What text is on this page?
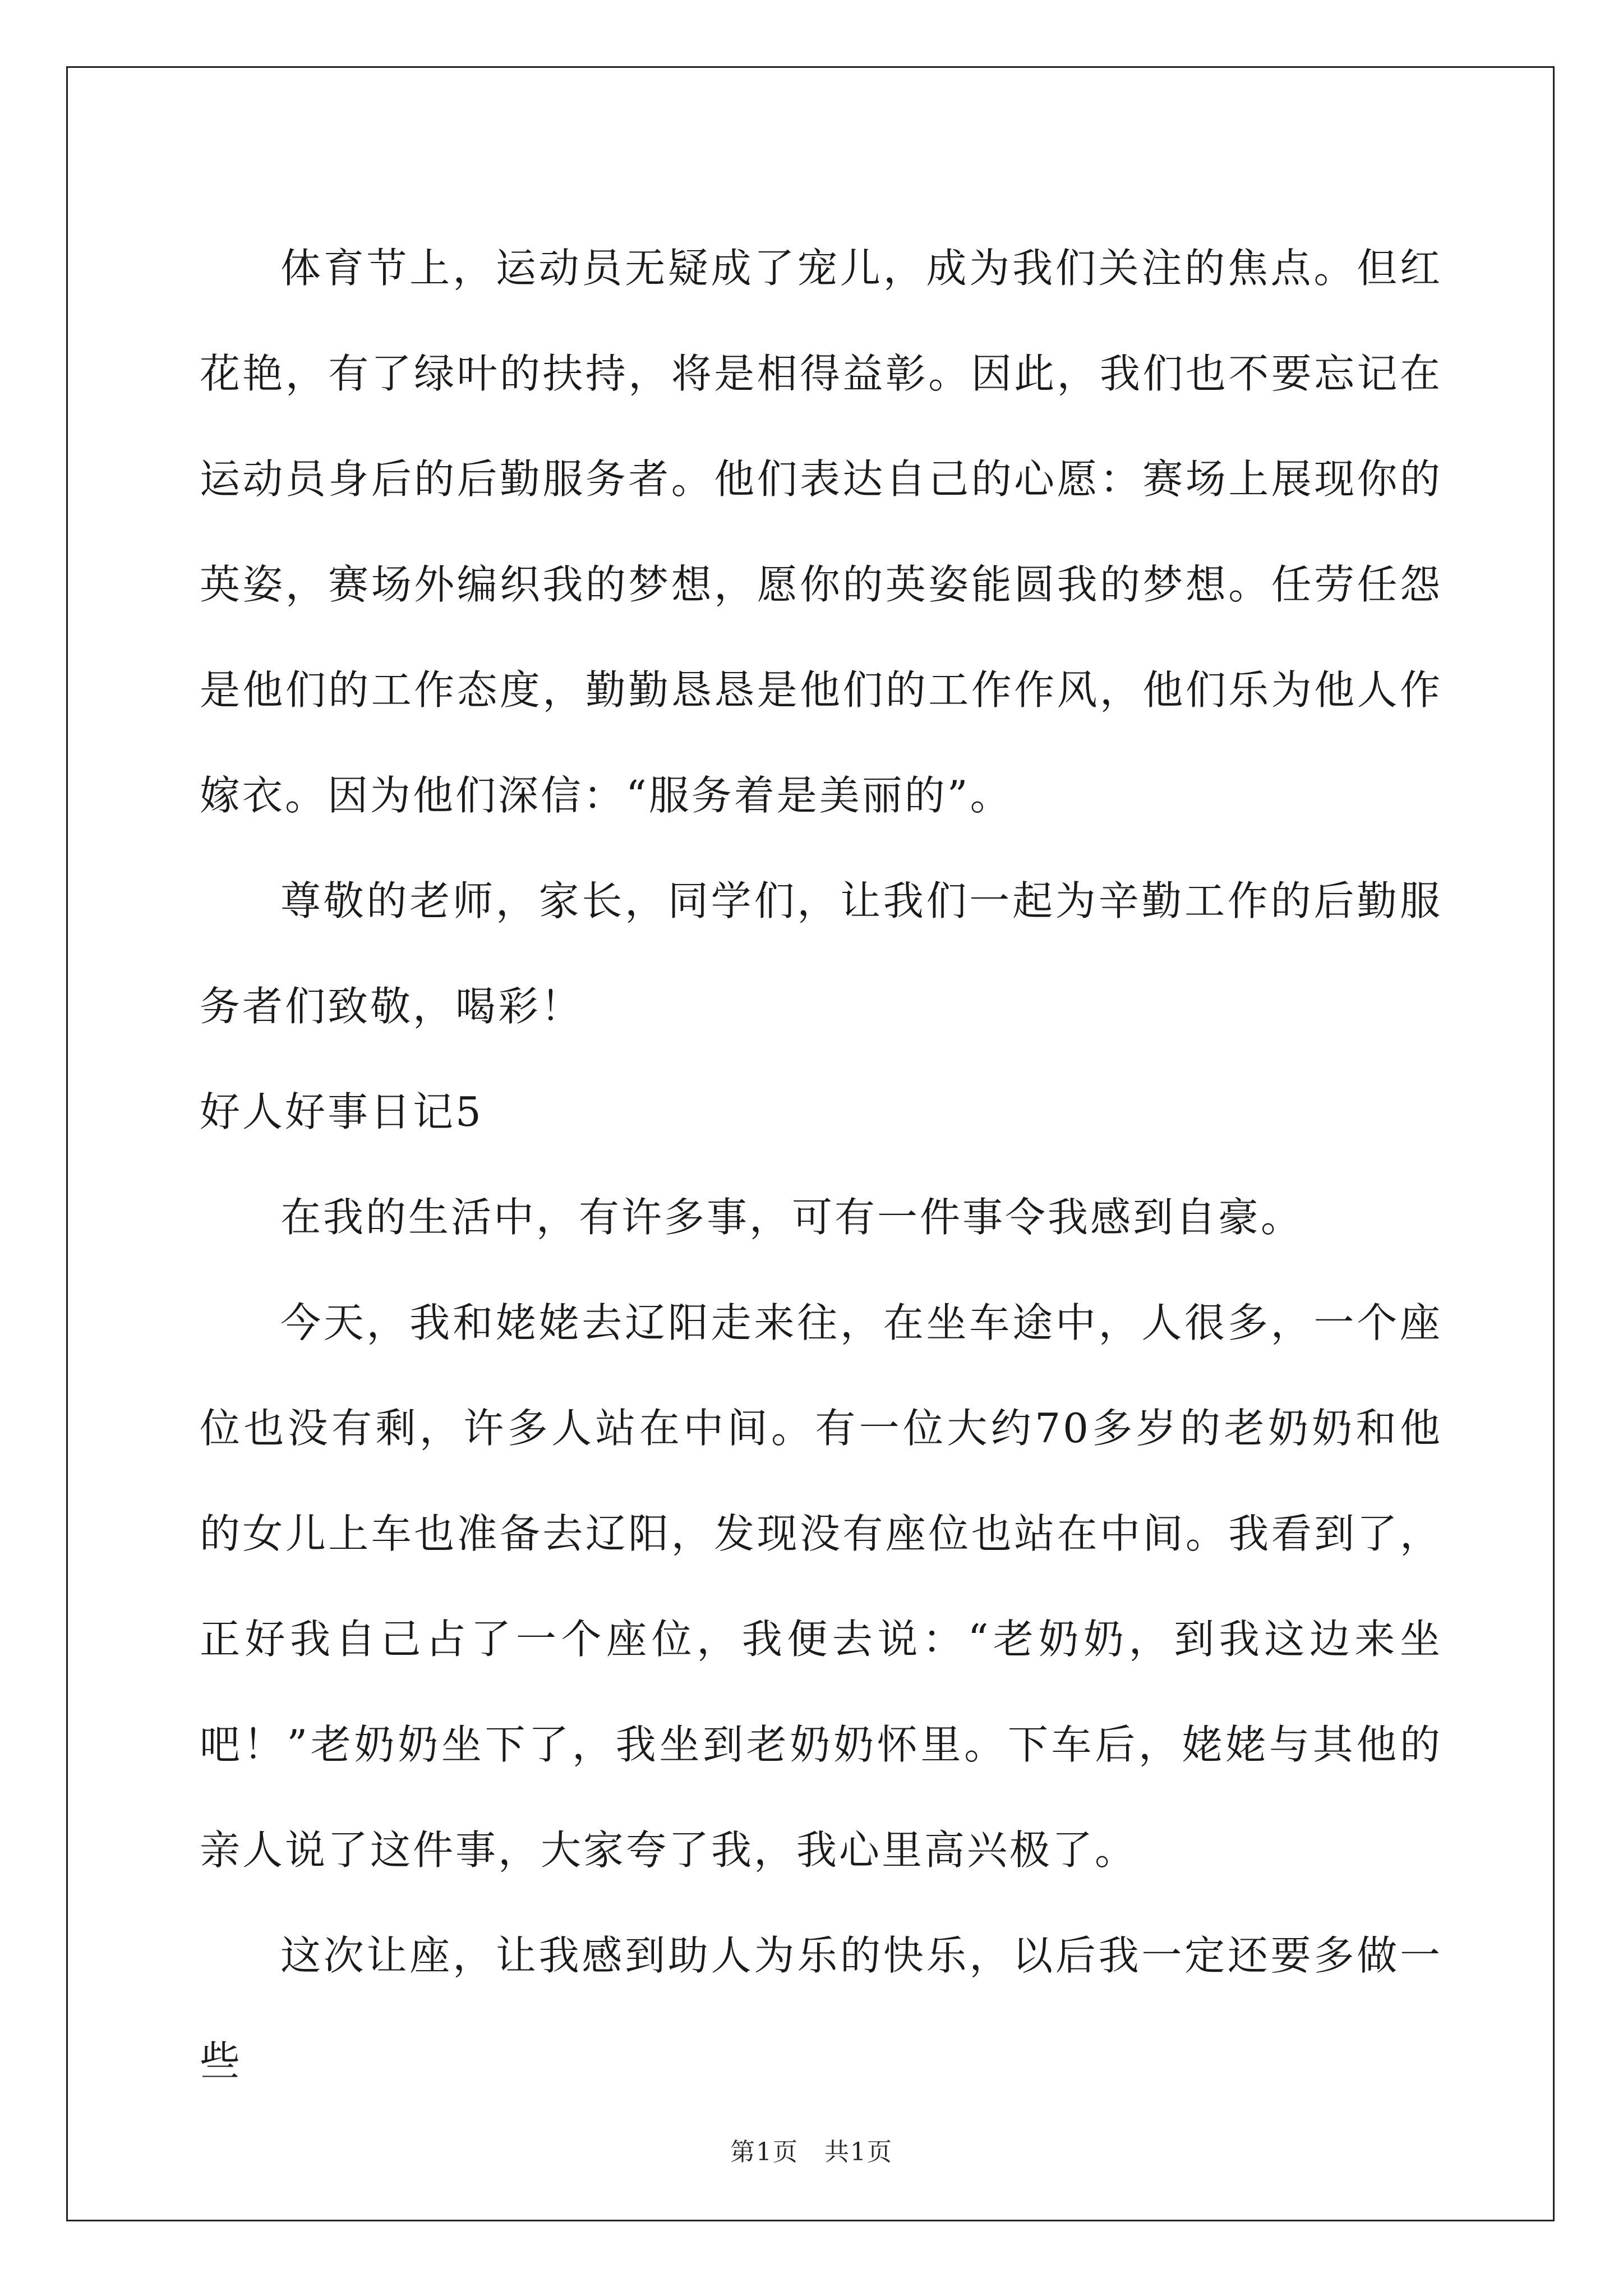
体育节上，运动员无疑成了宠儿，成为我们关注的焦点。但红花艳，有了绿叶的扶持，将是相得益彰。因此，我们也不要忘记在运动员身后的后勤服务者。他们表达自己的心愿：赛场上展现你的英姿，赛场外编织我的梦想，愿你的英姿能圆我的梦想。任劳任怨是他们的工作态度，勤勤恳恳是他们的工作作风，他们乐为他人作嫁衣。因为他们深信：“服务着是美丽的”。

尊敬的老师，家长，同学们，让我们一起为辛勤工作的后勤服务者们致敬，喝彩！

好人好事日记5

在我的生活中，有许多事，可有一件事令我感到自豪。

今天，我和姥姥去辽阳走来往，在坐车途中，人很多，一个座位也没有剩，许多人站在中间。有一位大约70多岁的老奶奶和他的女儿上车也准备去辽阳，发现没有座位也站在中间。我看到了，正好我自己占了一个座位，我便去说：“老奶奶，到我这边来坐吧！”老奶奶坐下了，我坐到老奶奶怀里。下车后，姥姥与其他的亲人说了这件事，大家夸了我，我心里高兴极了。

这次让座，让我感到助人为乐的快乐，以后我一定还要多做一些

第1页　共1页
